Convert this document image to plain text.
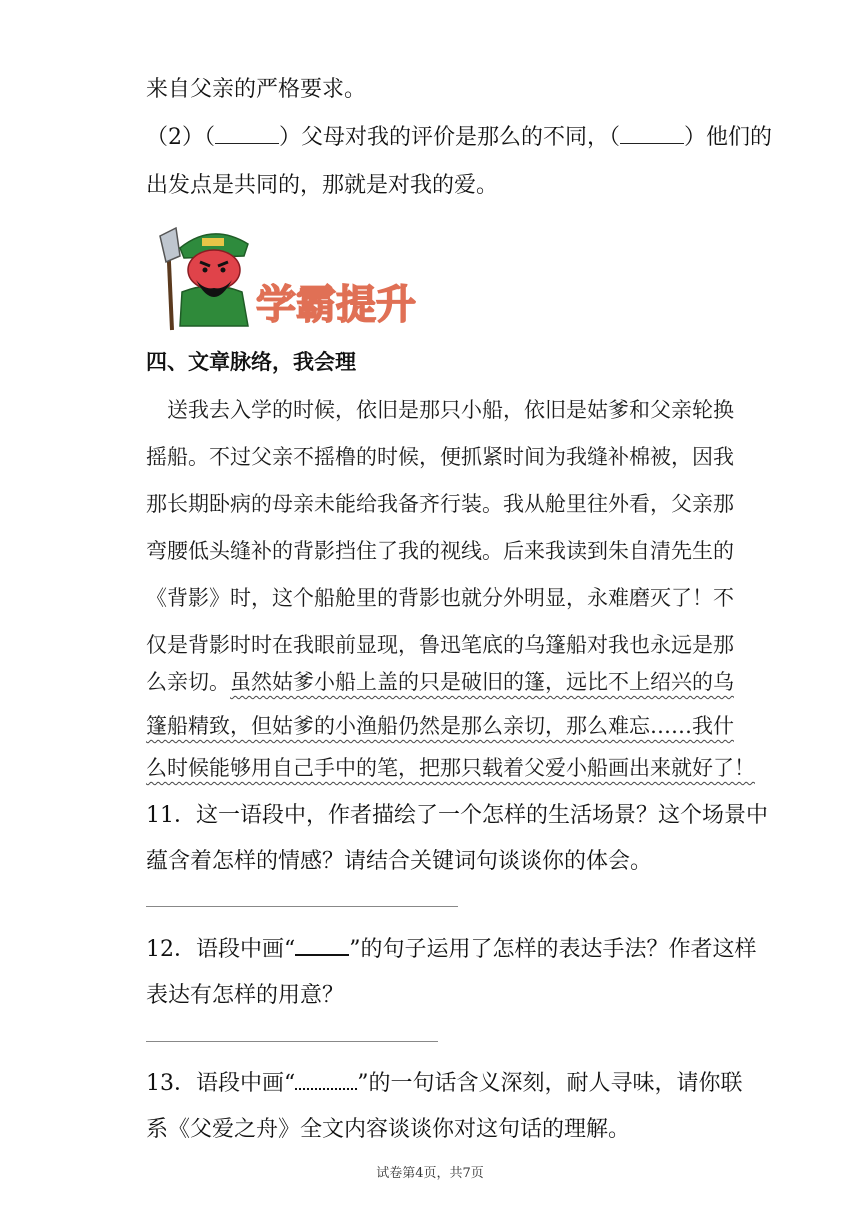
来自父亲的严格要求。
（2）（	）父母对我的评价是那么的不同，（	）他们的
出发点是共同的，那就是对我的爱。
学霸提升
四、文章脉络，我会理
　送我去入学的时候，依旧是那只小船，依旧是姑爹和父亲轮换
摇船。不过父亲不摇橹的时候，便抓紧时间为我缝补棉被，因我
那长期卧病的母亲未能给我备齐行装。我从舱里往外看，父亲那
弯腰低头缝补的背影挡住了我的视线。后来我读到朱自清先生的
《背影》时，这个船舱里的背影也就分外明显，永难磨灭了！不
仅是背影时时在我眼前显现，鲁迅笔底的乌篷船对我也永远是那
么亲切。虽然姑爹小船上盖的只是破旧的篷，远比不上绍兴的乌
篷船精致，但姑爹的小渔船仍然是那么亲切，那么难忘……我什
么时候能够用自己手中的笔，把那只载着父爱小船画出来就好了！
11．这一语段中，作者描绘了一个怎样的生活场景？这个场景中
蕴含着怎样的情感？请结合关键词句谈谈你的体会。
12．语段中画“ ”的句子运用了怎样的表达手法？作者这样
表达有怎样的用意？
13．语段中画“	”的一句话含义深刻，耐人寻味，请你联
系《父爱之舟》全文内容谈谈你对这句话的理解。
试卷第4页，共7页
